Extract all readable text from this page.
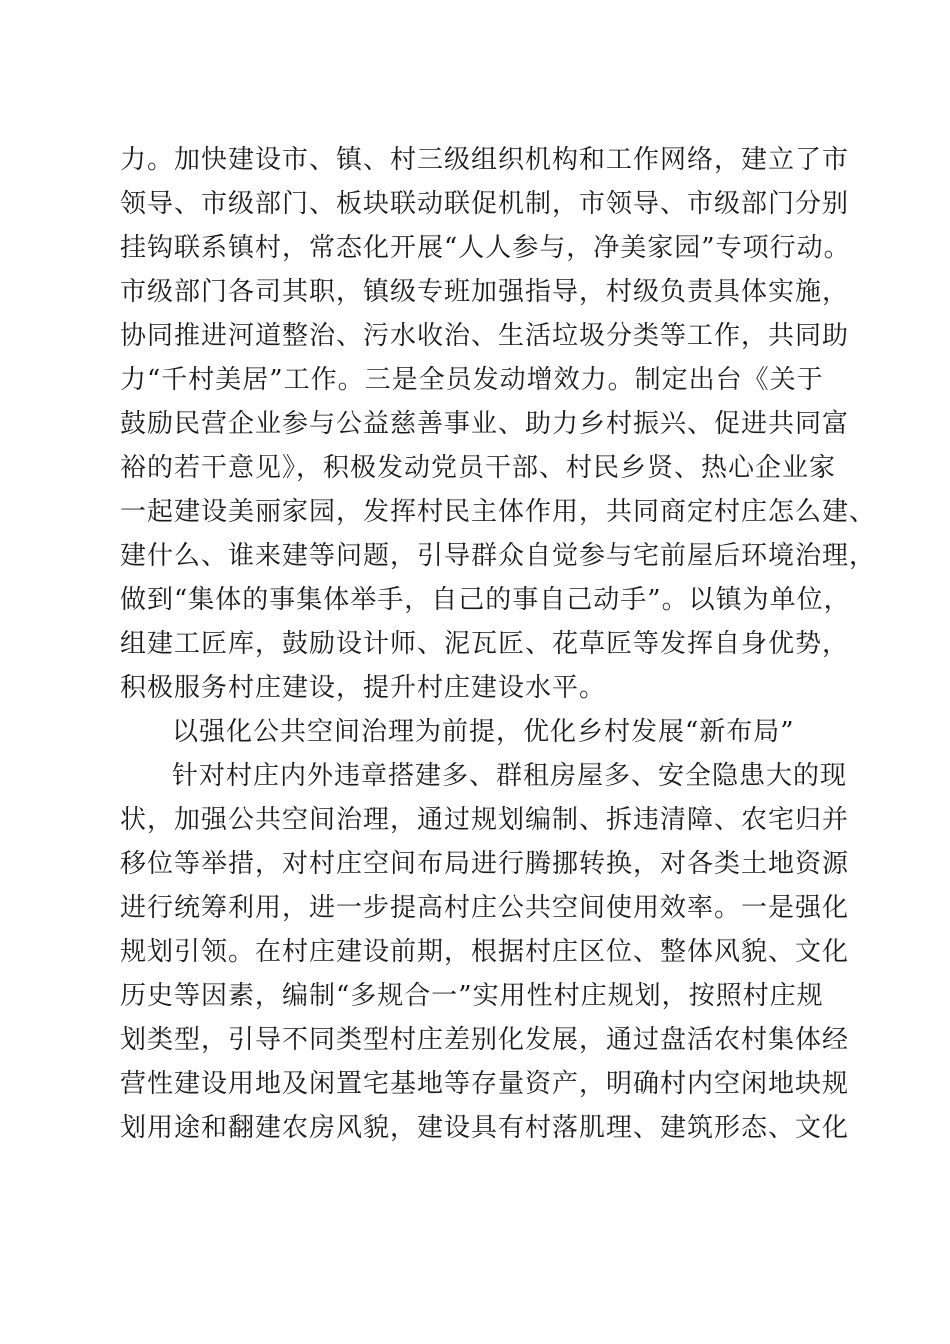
力。加快建设市、镇、村三级组织机构和工作网络，建立了市
领导、市级部门、板块联动联促机制，市领导、市级部门分别
挂钩联系镇村，常态化开展“人人参与，净美家园”专项行动。
市级部门各司其职，镇级专班加强指导，村级负责具体实施，
协同推进河道整治、污水收治、生活垃圾分类等工作，共同助
力“千村美居”工作。三是全员发动增效力。制定出台《关于
鼓励民营企业参与公益慈善事业、助力乡村振兴、促进共同富
裕的若干意见》，积极发动党员干部、村民乡贤、热心企业家
一起建设美丽家园，发挥村民主体作用，共同商定村庄怎么建、
建什么、谁来建等问题，引导群众自觉参与宅前屋后环境治理，
做到“集体的事集体举手，自己的事自己动手”。以镇为单位，
组建工匠库，鼓励设计师、泥瓦匠、花草匠等发挥自身优势，
积极服务村庄建设，提升村庄建设水平。
以强化公共空间治理为前提，优化乡村发展“新布局”
针对村庄内外违章搭建多、群租房屋多、安全隐患大的现
状，加强公共空间治理，通过规划编制、拆违清障、农宅归并
移位等举措，对村庄空间布局进行腾挪转换，对各类土地资源
进行统筹利用，进一步提高村庄公共空间使用效率。一是强化
规划引领。在村庄建设前期，根据村庄区位、整体风貌、文化
历史等因素，编制“多规合一”实用性村庄规划，按照村庄规
划类型，引导不同类型村庄差别化发展，通过盘活农村集体经
营性建设用地及闲置宅基地等存量资产，明确村内空闲地块规
划用途和翻建农房风貌，建设具有村落肌理、建筑形态、文化
